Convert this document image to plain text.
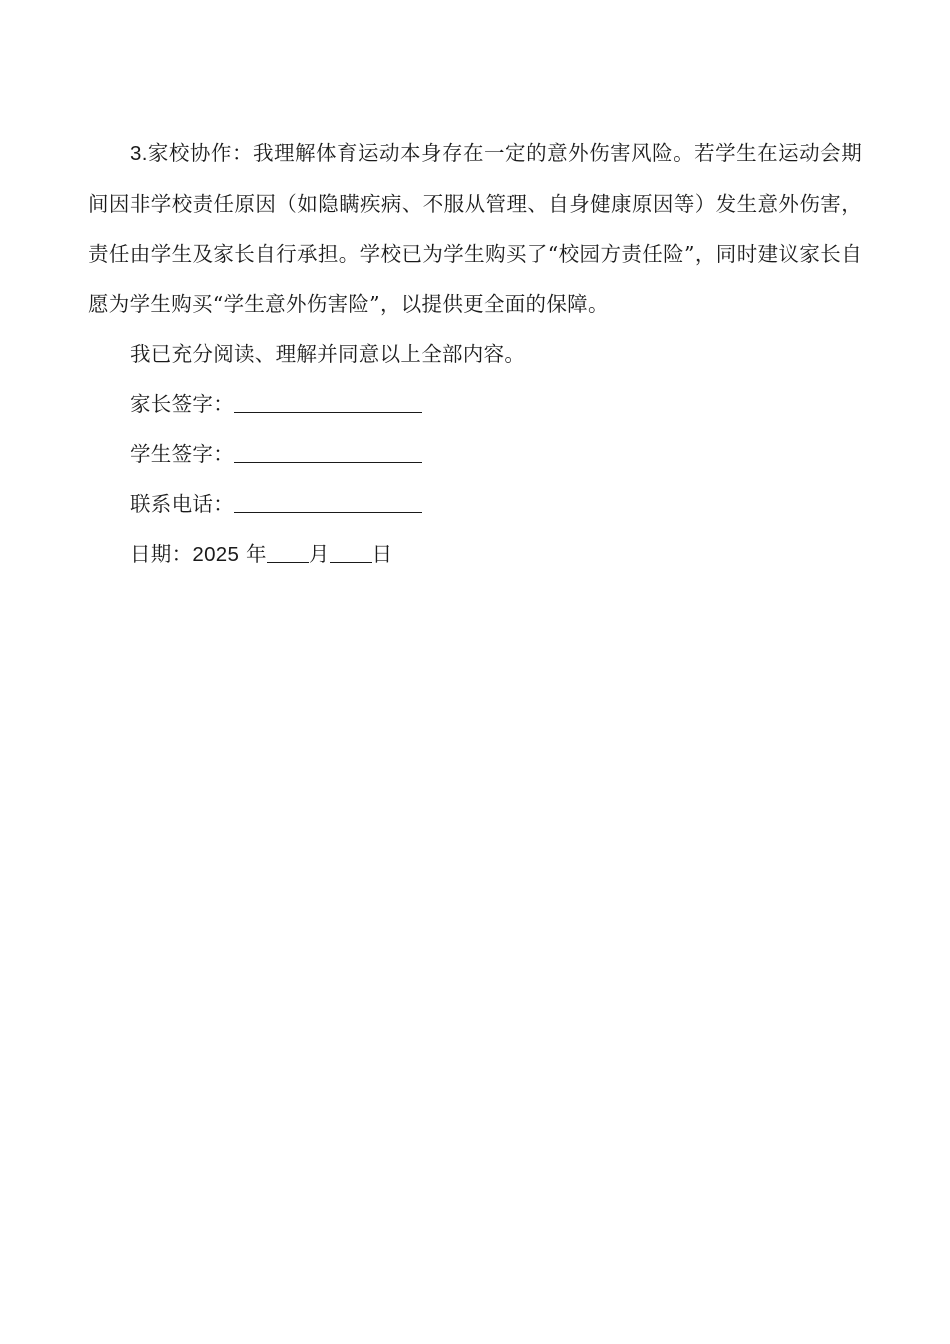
3.家校协作：我理解体育运动本身存在一定的意外伤害风险。若学生在运动会期间因非学校责任原因（如隐瞒疾病、不服从管理、自身健康原因等）发生意外伤害，责任由学生及家长自行承担。学校已为学生购买了“校园方责任险”，同时建议家长自愿为学生购买“学生意外伤害险”，以提供更全面的保障。

我已充分阅读、理解并同意以上全部内容。

家长签字：

学生签字：

联系电话：

日期：2025 年 月 日
